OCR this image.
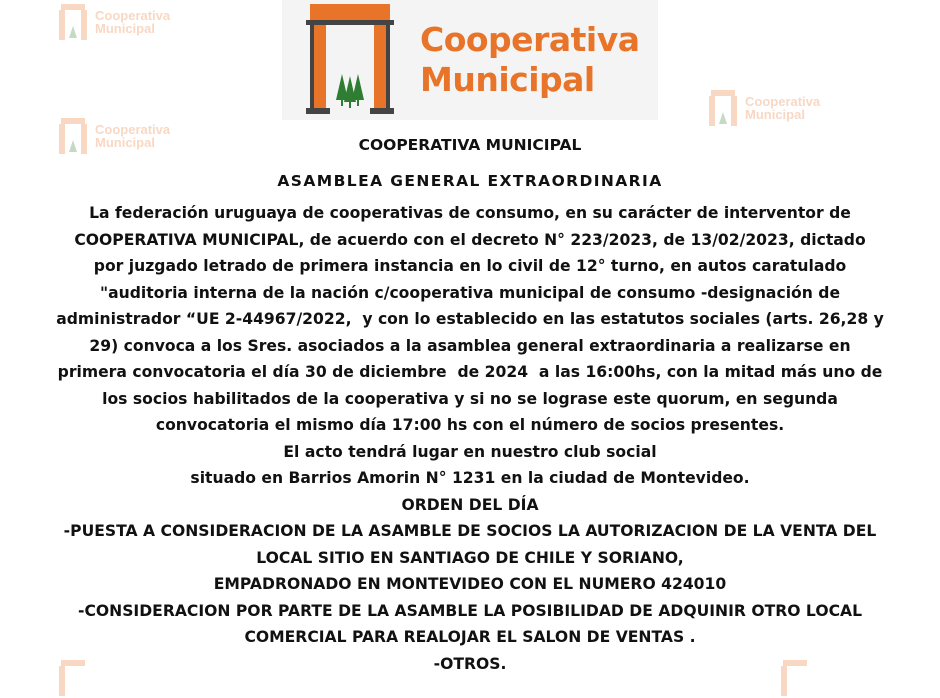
Cooperativa
Municipal
Cooperativa
Municipal
Cooperativa
Municipal
Cooperativa
Municipal

COOPERATIVA MUNICIPAL

ASAMBLEA GENERAL EXTRAORDINARIA

La federación uruguaya de cooperativas de consumo, en su carácter de interventor de

COOPERATIVA MUNICIPAL, de acuerdo con el decreto N° 223/2023, de 13/02/2023, dictado

por juzgado letrado de primera instancia en lo civil de 12° turno, en autos caratulado

"auditoria interna de la nación c/cooperativa municipal de consumo -designación de

administrador “UE 2-44967/2022,  y con lo establecido en las estatutos sociales (arts. 26,28 y

29) convoca a los Sres. asociados a la asamblea general extraordinaria a realizarse en

primera convocatoria el día 30 de diciembre  de 2024  a las 16:00hs, con la mitad más uno de

los socios habilitados de la cooperativa y si no se lograse este quorum, en segunda

convocatoria el mismo día 17:00 hs con el número de socios presentes.

El acto tendrá lugar en nuestro club social

situado en Barrios Amorin N° 1231 en la ciudad de Montevideo.

ORDEN DEL DÍA

-PUESTA A CONSIDERACION DE LA ASAMBLE DE SOCIOS LA AUTORIZACION DE LA VENTA DEL

LOCAL SITIO EN SANTIAGO DE CHILE Y SORIANO,

EMPADRONADO EN MONTEVIDEO CON EL NUMERO 424010

-CONSIDERACION POR PARTE DE LA ASAMBLE LA POSIBILIDAD DE ADQUINIR OTRO LOCAL

COMERCIAL PARA REALOJAR EL SALON DE VENTAS .

-OTROS.
